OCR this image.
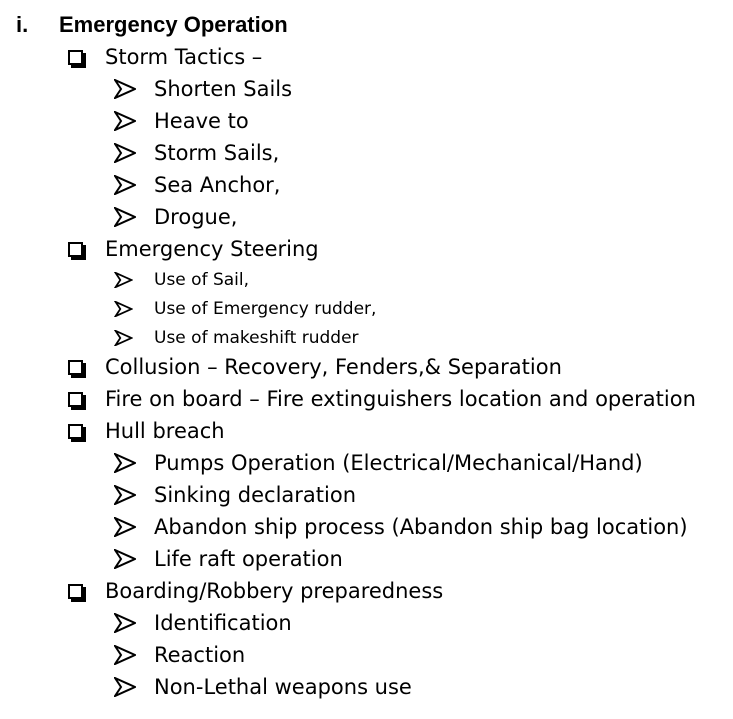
i.	Emergency Operation
Storm Tactics –
Shorten Sails
Heave to
Storm Sails,
Sea Anchor,
Drogue,
Emergency Steering
Use of Sail,
Use of Emergency rudder,
Use of makeshift rudder
Collusion – Recovery, Fenders,& Separation
Fire on board – Fire extinguishers location and operation
Hull breach
Pumps Operation (Electrical/Mechanical/Hand)
Sinking declaration
Abandon ship process (Abandon ship bag location)
Life raft operation
Boarding/Robbery preparedness
Identification
Reaction
Non-Lethal weapons use
